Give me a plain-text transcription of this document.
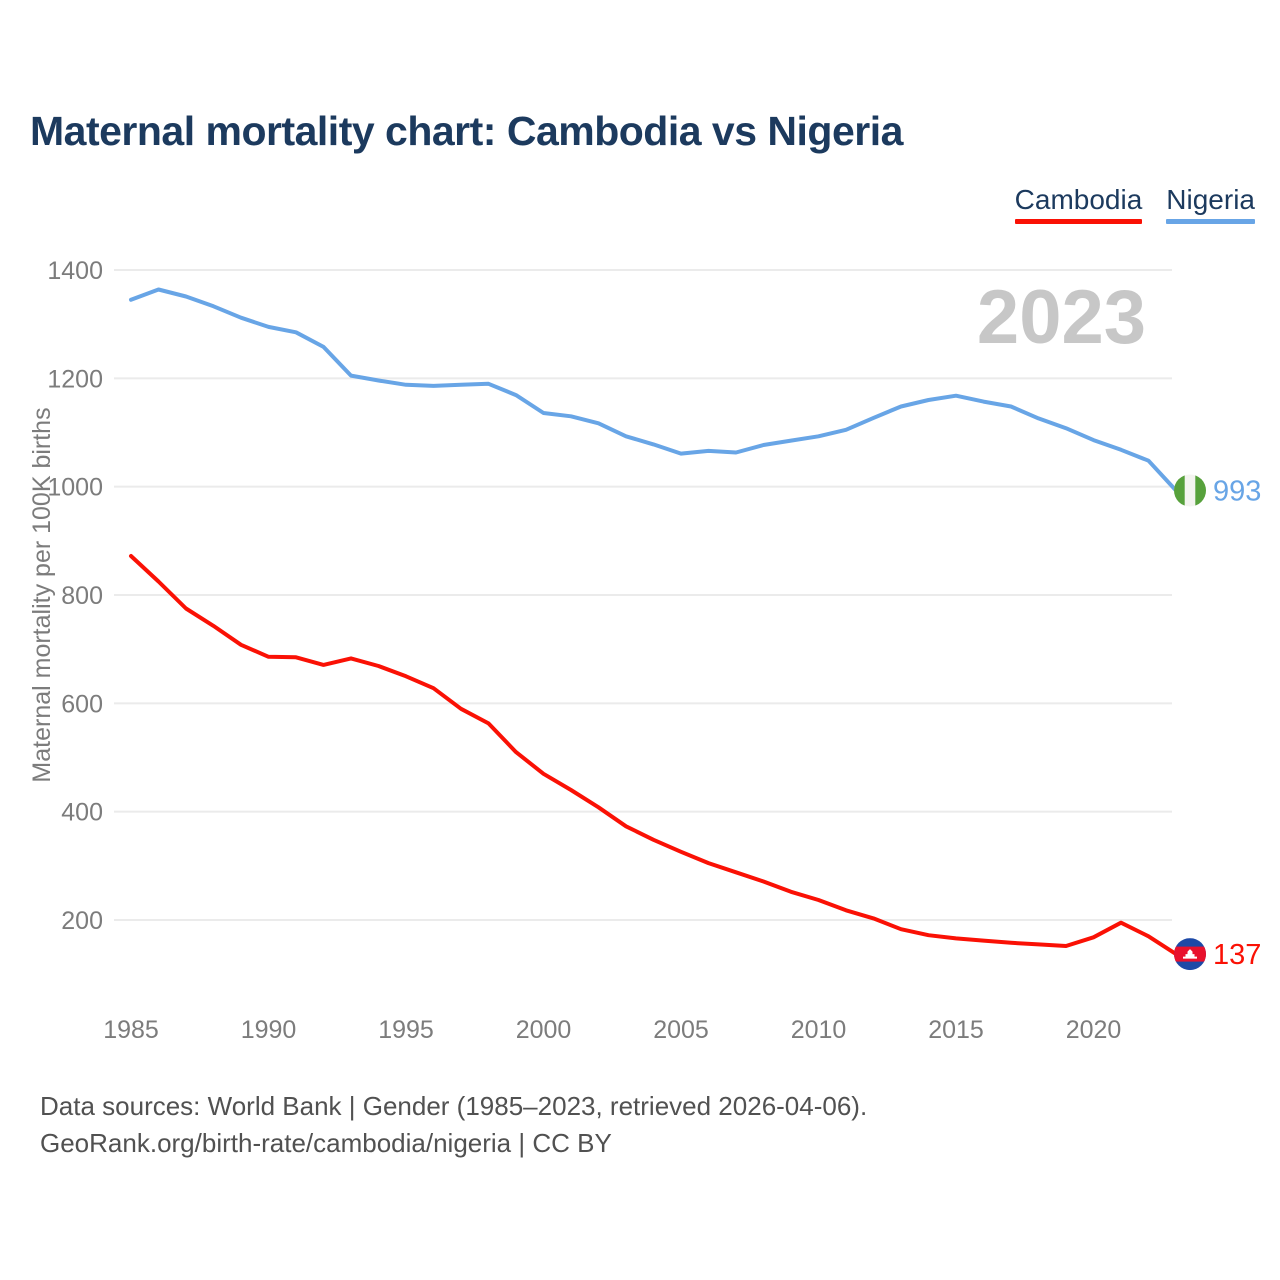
Maternal mortality chart: Cambodia vs Nigeria
Cambodia Nigeria
200
400
600
800
1000
1200
1400
1985	1990	1995	2000	2005	2010	2015	2020
Maternal mortality per 100K births
2023
993
137
Data sources: World Bank | Gender (1985–2023, retrieved 2026-04-06).
GeoRank.org/birth-rate/cambodia/nigeria | CC BY
